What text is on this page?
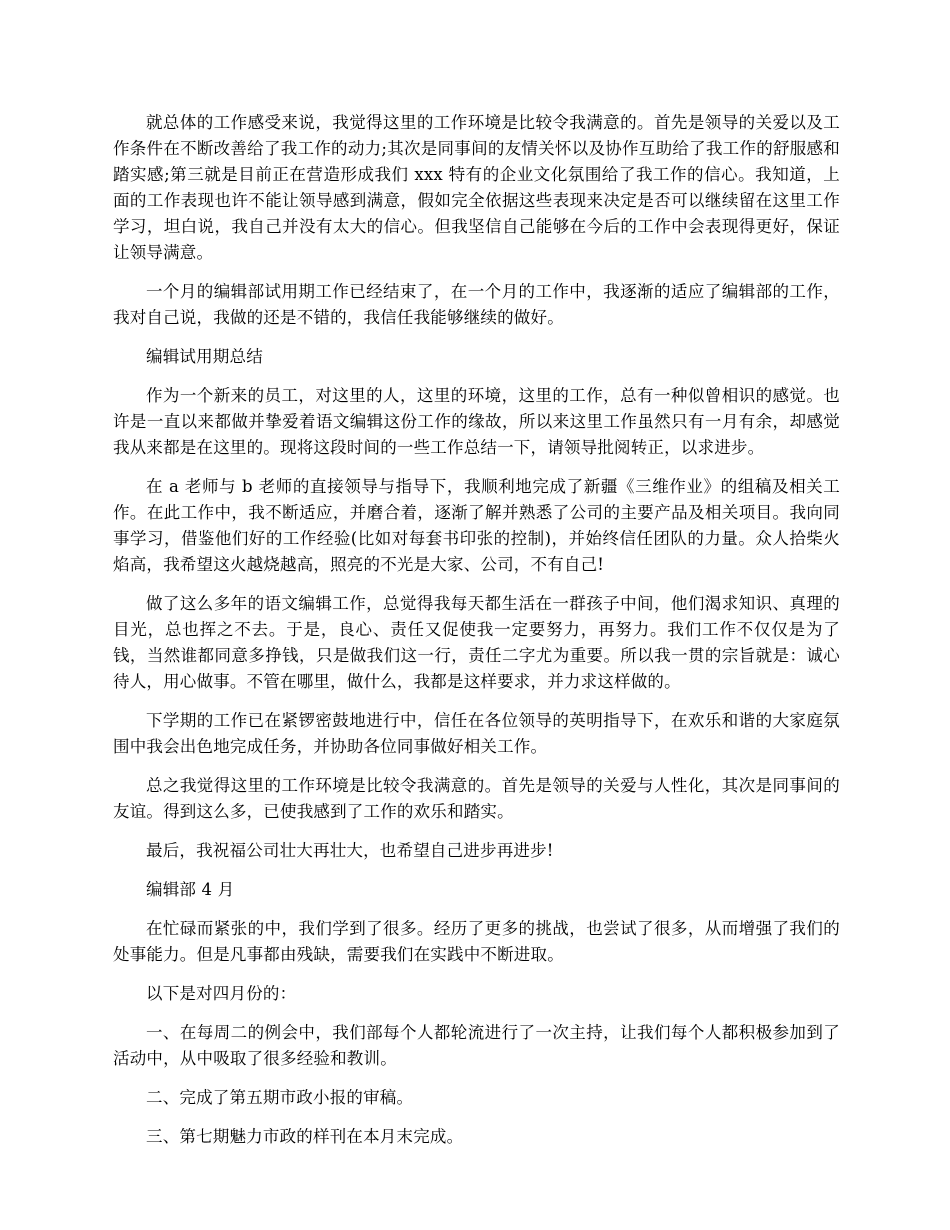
就总体的工作感受来说，我觉得这里的工作环境是比较令我满意的。首先是领导的关爱以及工作条件在不断改善给了我工作的动力;其次是同事间的友情关怀以及协作互助给了我工作的舒服感和踏实感;第三就是目前正在营造形成我们 xxx 特有的企业文化氛围给了我工作的信心。我知道，上面的工作表现也许不能让领导感到满意，假如完全依据这些表现来决定是否可以继续留在这里工作学习，坦白说，我自己并没有太大的信心。但我坚信自己能够在今后的工作中会表现得更好，保证让领导满意。

一个月的编辑部试用期工作已经结束了，在一个月的工作中，我逐渐的适应了编辑部的工作，我对自己说，我做的还是不错的，我信任我能够继续的做好。

编辑试用期总结

作为一个新来的员工，对这里的人，这里的环境，这里的工作，总有一种似曾相识的感觉。也许是一直以来都做并挚爱着语文编辑这份工作的缘故，所以来这里工作虽然只有一月有余，却感觉我从来都是在这里的。现将这段时间的一些工作总结一下，请领导批阅转正，以求进步。

在 a 老师与 b 老师的直接领导与指导下，我顺利地完成了新疆《三维作业》的组稿及相关工作。在此工作中，我不断适应，并磨合着，逐渐了解并熟悉了公司的主要产品及相关项目。我向同事学习，借鉴他们好的工作经验(比如对每套书印张的控制)，并始终信任团队的力量。众人拾柴火焰高，我希望这火越烧越高，照亮的不光是大家、公司，不有自己!

做了这么多年的语文编辑工作，总觉得我每天都生活在一群孩子中间，他们渴求知识、真理的目光，总也挥之不去。于是，良心、责任又促使我一定要努力，再努力。我们工作不仅仅是为了钱，当然谁都同意多挣钱，只是做我们这一行，责任二字尤为重要。所以我一贯的宗旨就是：诚心待人，用心做事。不管在哪里，做什么，我都是这样要求，并力求这样做的。

下学期的工作已在紧锣密鼓地进行中，信任在各位领导的英明指导下，在欢乐和谐的大家庭氛围中我会出色地完成任务，并协助各位同事做好相关工作。

总之我觉得这里的工作环境是比较令我满意的。首先是领导的关爱与人性化，其次是同事间的友谊。得到这么多，已使我感到了工作的欢乐和踏实。

最后，我祝福公司壮大再壮大，也希望自己进步再进步!

编辑部 4 月

在忙碌而紧张的中，我们学到了很多。经历了更多的挑战，也尝试了很多，从而增强了我们的处事能力。但是凡事都由残缺，需要我们在实践中不断进取。

以下是对四月份的：

一、在每周二的例会中，我们部每个人都轮流进行了一次主持，让我们每个人都积极参加到了活动中，从中吸取了很多经验和教训。

二、完成了第五期市政小报的审稿。

三、第七期魅力市政的样刊在本月末完成。
